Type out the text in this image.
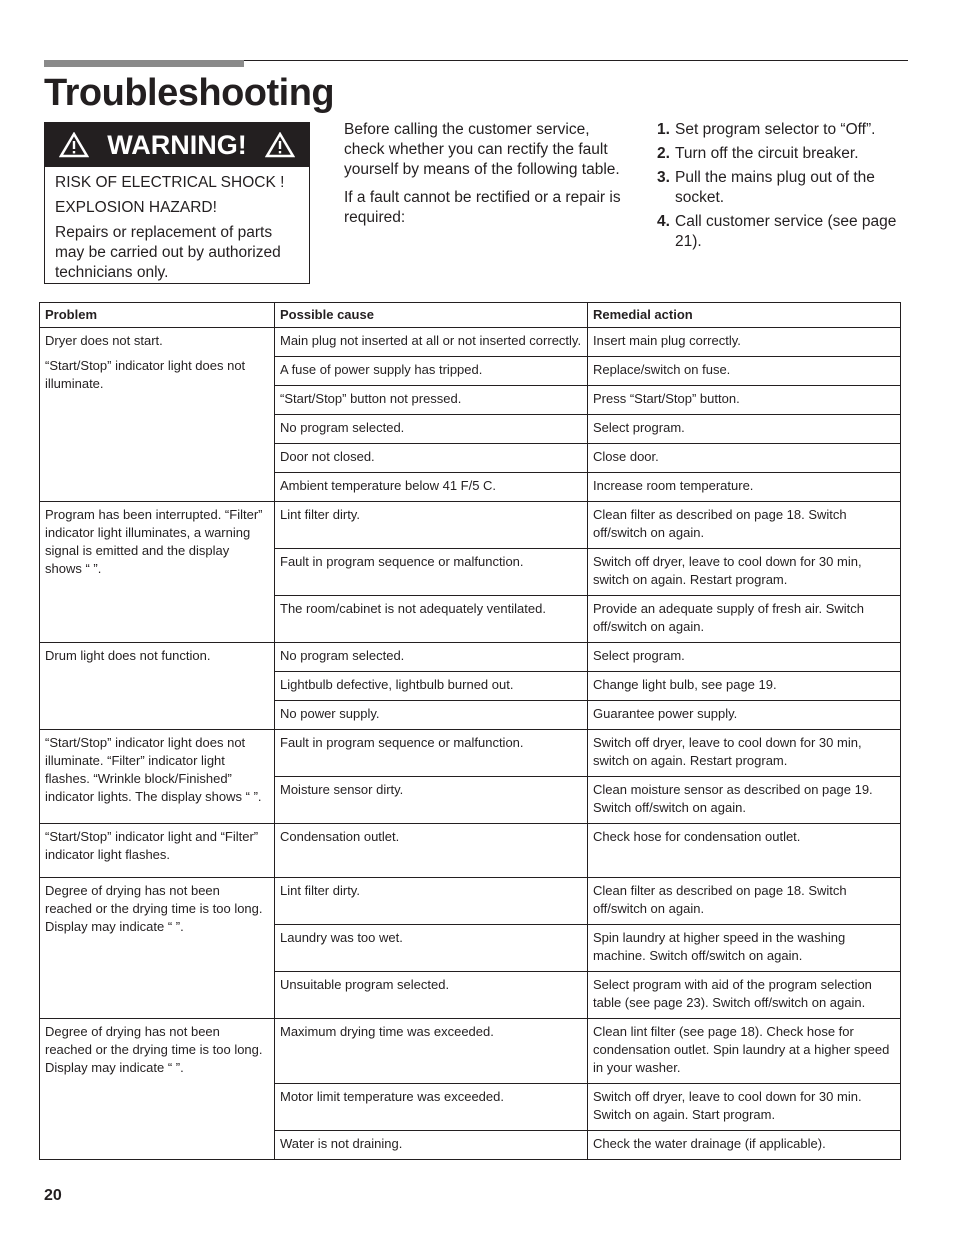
Troubleshooting
WARNING!

RISK OF ELECTRICAL SHOCK !

EXPLOSION HAZARD!

Repairs or replacement of parts may be carried out by authorized technicians only.

Before calling the customer service, check whether you can rectify the fault yourself by means of the following table.

If a fault cannot be rectified or a repair is required:

1. Set program selector to “Off”.
2. Turn off the circuit breaker.
3. Pull the mains plug out of the socket.
4. Call customer service (see page 21).
Problem	Possible cause	Remedial action

Dryer does not start.

“Start/Stop” indicator light does not illuminate.	Main plug not inserted at all or not inserted correctly.	Insert main plug correctly.
	A fuse of power supply has tripped.	Replace/switch on fuse.
	“Start/Stop” button not pressed.	Press “Start/Stop” button.
	No program selected.	Select program.
	Door not closed.	Close door.
	Ambient temperature below 41 F/5 C.	Increase room temperature.

Program has been interrupted. “Filter” indicator light illuminates, a warning signal is emitted and the display shows “ ”.	Lint filter dirty.	Clean filter as described on page 18. Switch off/switch on again.
	Fault in program sequence or malfunction.	Switch off dryer, leave to cool down for 30 min, switch on again. Restart program.
	The room/cabinet is not adequately ventilated.	Provide an adequate supply of fresh air. Switch off/switch on again.

Drum light does not function.	No program selected.	Select program.
	Lightbulb defective, lightbulb burned out.	Change light bulb, see page 19.
	No power supply.	Guarantee power supply.

“Start/Stop” indicator light does not illuminate. “Filter” indicator light flashes. “Wrinkle block/Finished” indicator lights. The display shows “ ”.	Fault in program sequence or malfunction.	Switch off dryer, leave to cool down for 30 min, switch on again. Restart program.
	Moisture sensor dirty.	Clean moisture sensor as described on page 19. Switch off/switch on again.

“Start/Stop” indicator light and “Filter” indicator light flashes.	Condensation outlet.	Check hose for condensation outlet.

Degree of drying has not been reached or the drying time is too long. Display may indicate “ ”.	Lint filter dirty.	Clean filter as described on page 18. Switch off/switch on again.
	Laundry was too wet.	Spin laundry at higher speed in the washing machine. Switch off/switch on again.
	Unsuitable program selected.	Select program with aid of the program selection table (see page 23). Switch off/switch on again.

Degree of drying has not been reached or the drying time is too long. Display may indicate “ ”.	Maximum drying time was exceeded.	Clean lint filter (see page 18). Check hose for condensation outlet. Spin laundry at a higher speed in your washer.
	Motor limit temperature was exceeded.	Switch off dryer, leave to cool down for 30 min. Switch on again. Start program.
	Water is not draining.	Check the water drainage (if applicable).
20
